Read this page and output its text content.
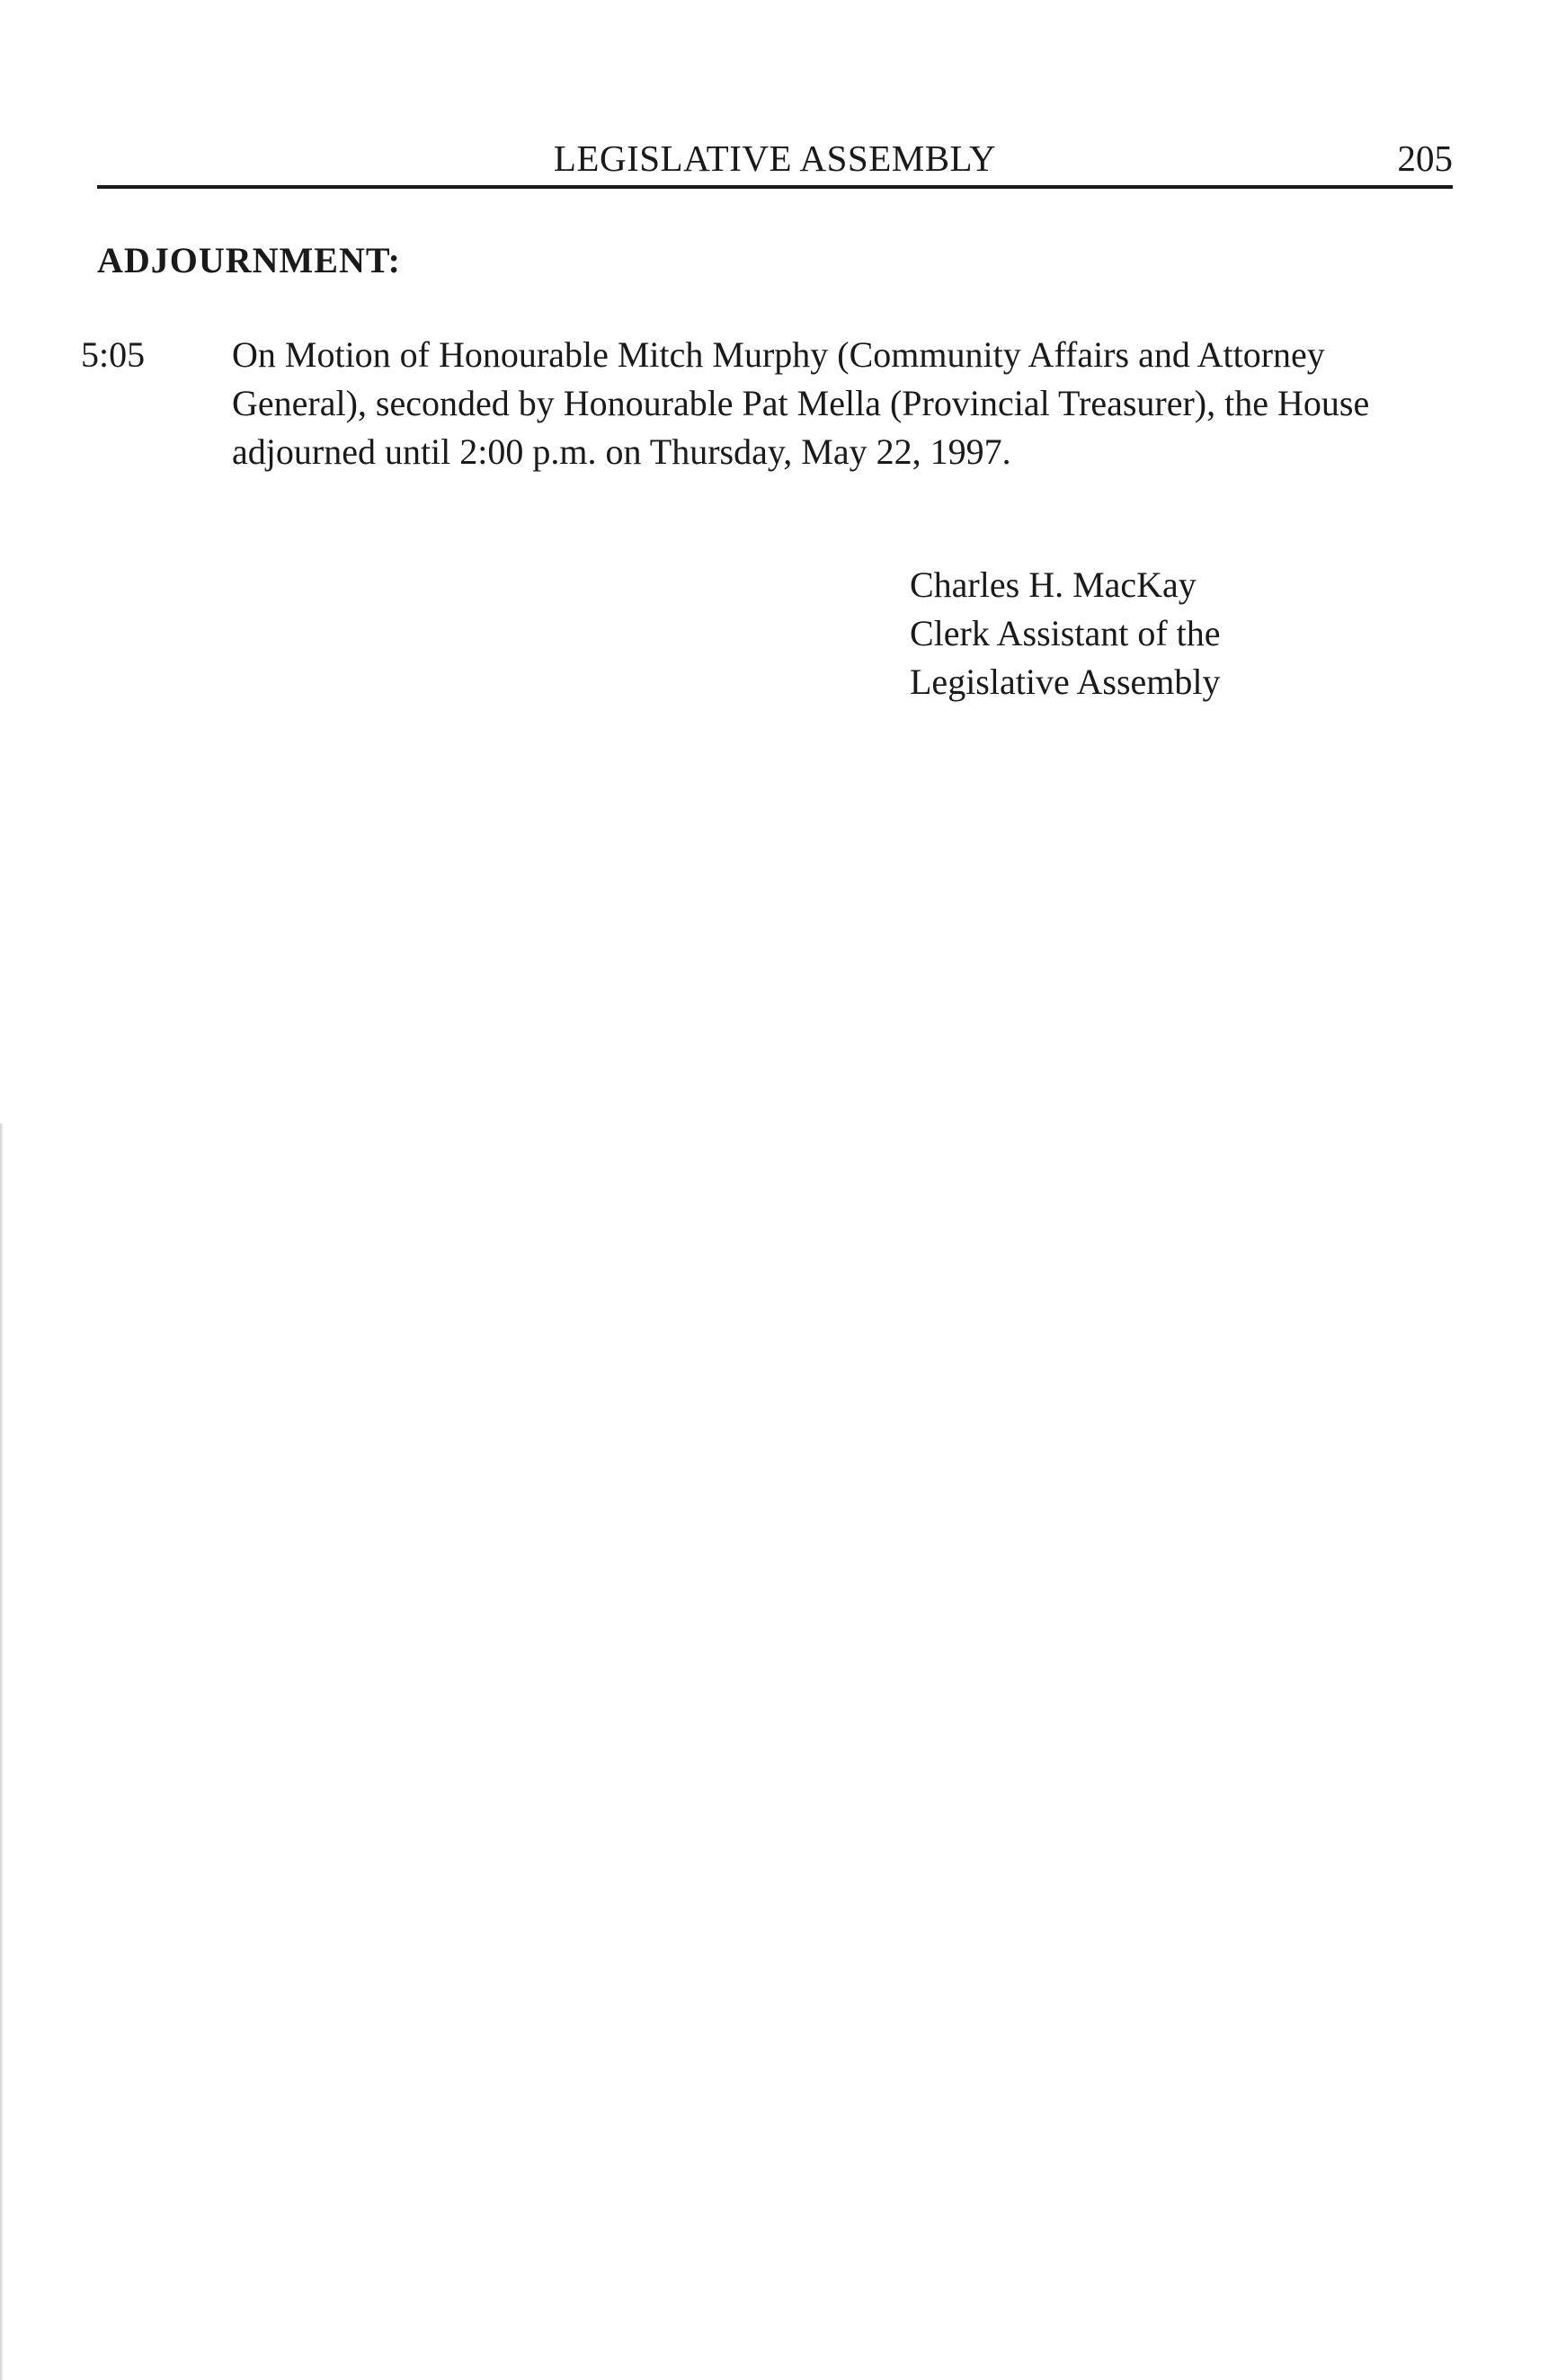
LEGISLATIVE ASSEMBLY	205
ADJOURNMENT:
5:05 On Motion of Honourable Mitch Murphy (Community Affairs and Attorney General), seconded by Honourable Pat Mella (Provincial Treasurer), the House adjourned until 2:00 p.m. on Thursday, May 22, 1997.
Charles H. MacKay
Clerk Assistant of the
Legislative Assembly
